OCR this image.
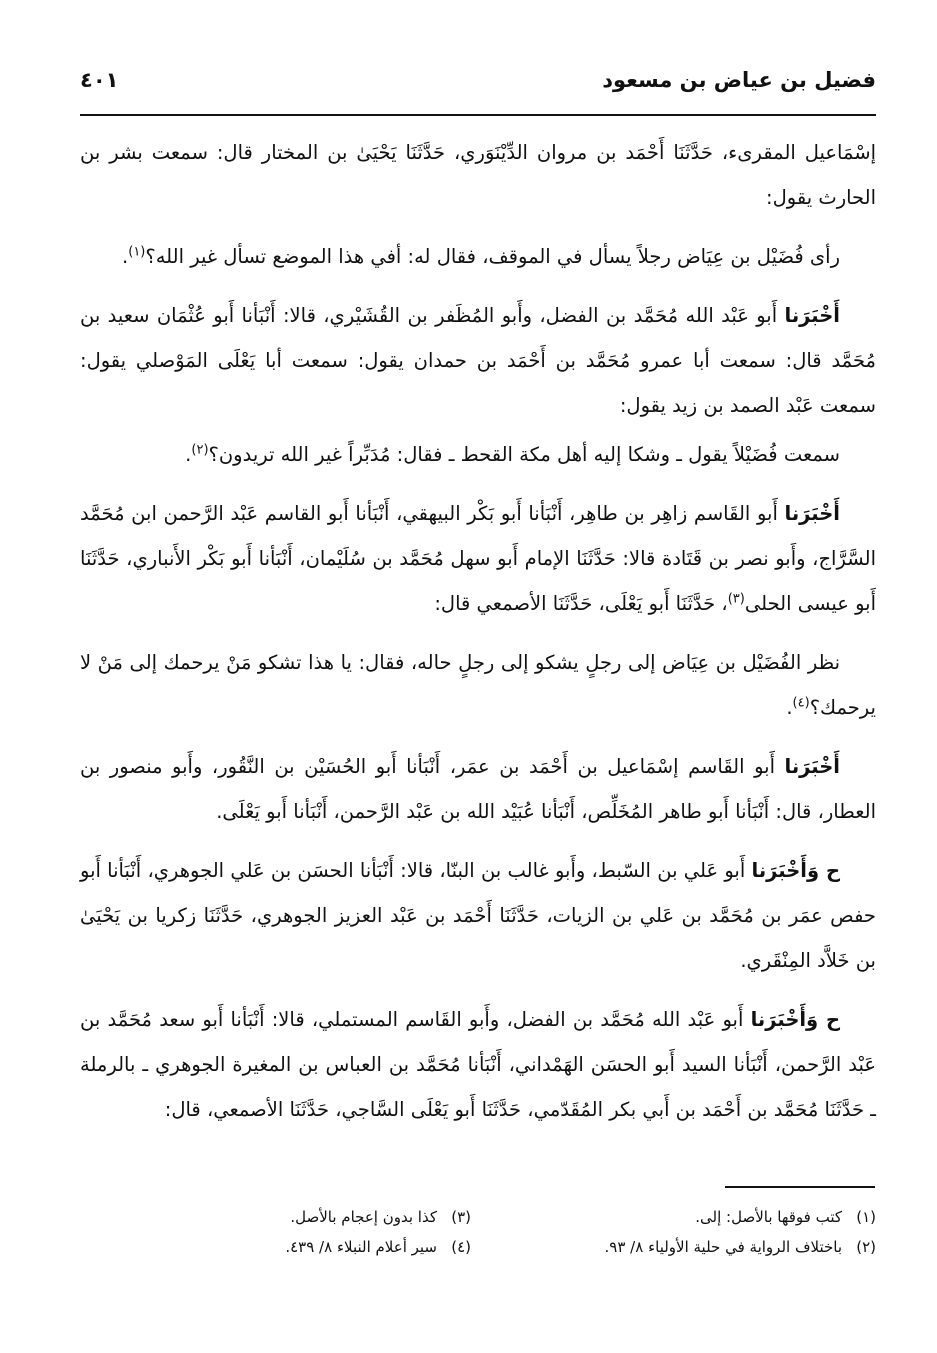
فضيل بن عياض بن مسعود
٤٠١

إسْمَاعيل المقرىء، حَدَّثَنَا أَحْمَد بن مروان الدِّيْنَوَري، حَدَّثَنَا يَحْيَىٰ بن المختار قال: سمعت بشر بن الحارث يقول:

رأى فُضَيْل بن عِيَاض رجلاً يسأل في الموقف، فقال له: أفي هذا الموضع تسأل غير الله؟$^{(١)}$.

أَخْبَرَنا أَبو عَبْد الله مُحَمَّد بن الفضل، وأَبو المُظَفر بن القُشَيْري، قالا: أَنْبَأنا أَبو عُثْمَان سعيد بن مُحَمَّد قال: سمعت أبا عمرو مُحَمَّد بن أَحْمَد بن حمدان يقول: سمعت أبا يَعْلَى المَوْصلي يقول: سمعت عَبْد الصمد بن زيد يقول:

سمعت فُضَيْلاً يقول ـ وشكا إليه أهل مكة القحط ـ فقال: مُدَبِّراً غير الله تريدون؟$^{(٢)}$.

أَخْبَرَنا أَبو القَاسم زاهِر بن طاهِر، أَنْبَأنا أَبو بَكْر البيهقي، أَنْبَأنا أَبو القاسم عَبْد الرَّحمن ابن مُحَمَّد السَّرَّاج، وأَبو نصر بن قَتَادة قالا: حَدَّثَنَا الإمام أَبو سهل مُحَمَّد بن سُلَيْمان، أَنْبَأنا أَبو بَكْر الأَنباري، حَدَّثَنَا أَبو عيسى الحلى$^{(٣)}$، حَدَّثَنَا أَبو يَعْلَى، حَدَّثَنَا الأصمعي قال:

نظر الفُضَيْل بن عِيَاض إلى رجلٍ يشكو إلى رجلٍ حاله، فقال: يا هذا تشكو مَنْ يرحمك إلى مَنْ لا يرحمك؟$^{(٤)}$.

أَخْبَرَنا أَبو القَاسم إسْمَاعيل بن أَحْمَد بن عمَر، أَنْبَأنا أَبو الحُسَيْن بن النَّقُور، وأَبو منصور بن العطار، قال: أَنْبَأنا أَبو طاهر المُخَلِّص، أَنْبَأنا عُبَيْد الله بن عَبْد الرَّحمن، أَنْبَأنا أَبو يَعْلَى.

ح وَأَخْبَرَنا أَبو عَلي بن السّبط، وأَبو غالب بن البنّا، قالا: أَنْبَأنا الحسَن بن عَلي الجوهري، أَنْبَأنا أَبو حفص عمَر بن مُحَمَّد بن عَلي بن الزيات، حَدَّثَنَا أَحْمَد بن عَبْد العزيز الجوهري، حَدَّثَنَا زكريا بن يَحْيَىٰ بن خَلاَّد المِنْقَري.

ح وَأَخْبَرَنا أَبو عَبْد الله مُحَمَّد بن الفضل، وأَبو القَاسم المستملي، قالا: أَنْبَأنا أَبو سعد مُحَمَّد بن عَبْد الرَّحمن، أَنْبَأنا السيد أَبو الحسَن الهَمْداني، أَنْبَأنا مُحَمَّد بن العباس بن المغيرة الجوهري ـ بالرملة ـ حَدَّثَنَا مُحَمَّد بن أَحْمَد بن أَبي بكر المُقَدّمي، حَدَّثَنَا أَبو يَعْلَى السَّاجي، حَدَّثَنَا الأصمعي، قال:

(١)كتب فوقها بالأصل: إلى.
(٢)باختلاف الرواية في حلية الأولياء ٨/ ٩٣.
(٣)كذا بدون إعجام بالأصل.
(٤)سير أعلام النبلاء ٨/ ٤٣٩.
